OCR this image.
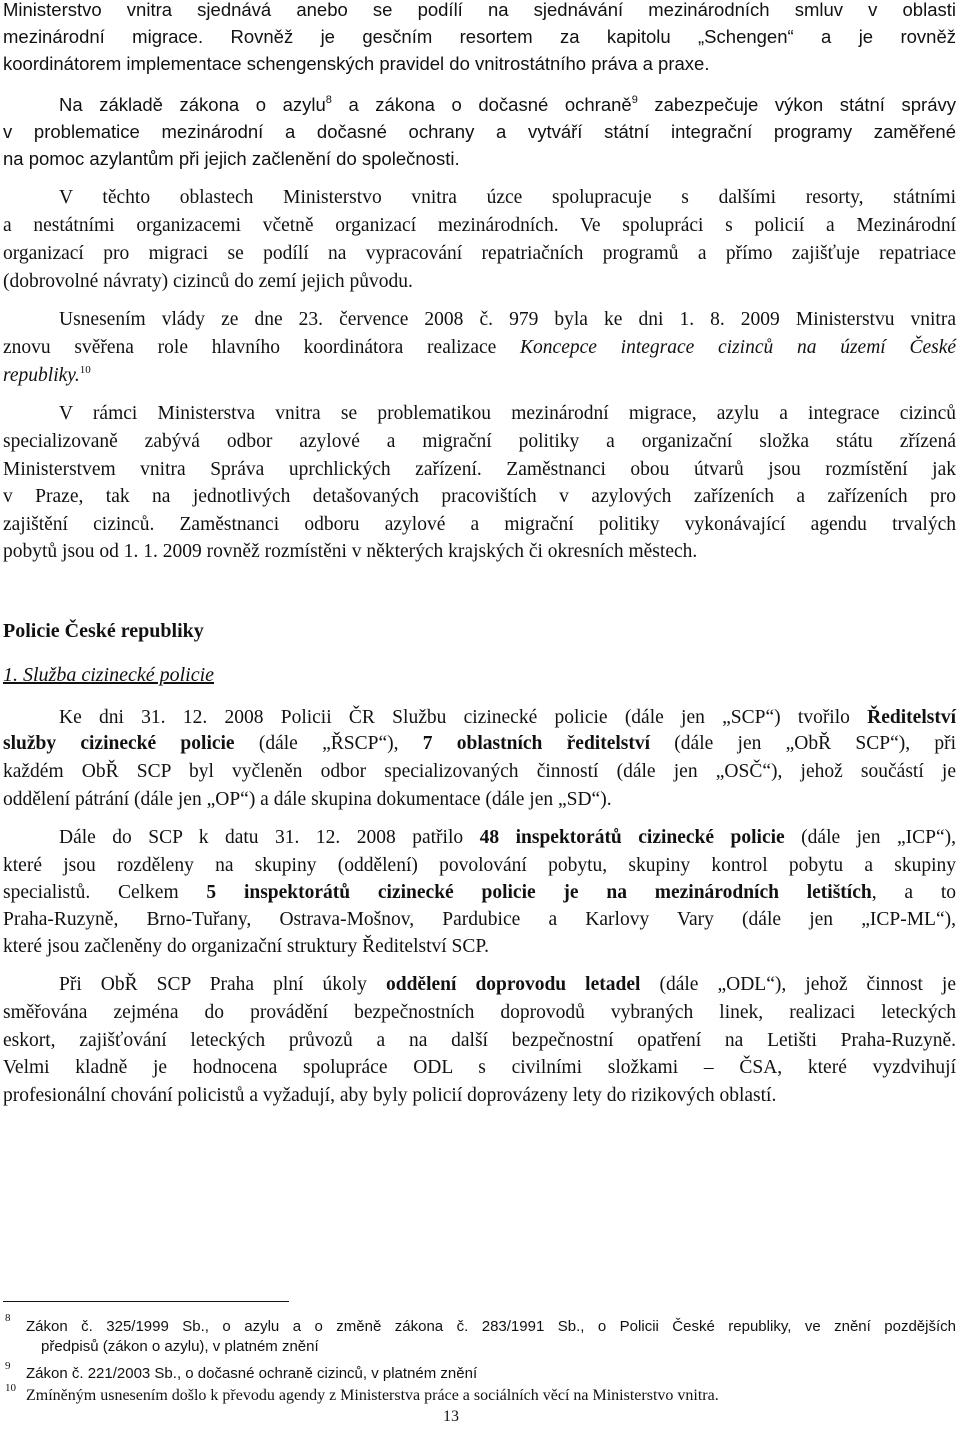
Ministerstvo vnitra sjednává anebo se podílí na sjednávání mezinárodních smluv v oblasti
mezinárodní migrace. Rovněž je gesčním resortem za kapitolu „Schengen“ a je rovněž
koordinátorem implementace schengenských pravidel do vnitrostátního práva a praxe.
Na základě zákona o azylu$^8$ a zákona o dočasné ochraně$^9$ zabezpečuje výkon státní správy
v problematice mezinárodní a dočasné ochrany a vytváří státní integrační programy zaměřené
na pomoc azylantům při jejich začlenění do společnosti.
V těchto oblastech Ministerstvo vnitra úzce spolupracuje s dalšími resorty, státními
a nestátními organizacemi včetně organizací mezinárodních. Ve spolupráci s policií a Mezinárodní
organizací pro migraci se podílí na vypracování repatriačních programů a přímo zajišťuje repatriace
(dobrovolné návraty) cizinců do zemí jejich původu.
Usnesením vlády ze dne 23. července 2008 č. 979 byla ke dni 1. 8. 2009 Ministerstvu vnitra
znovu svěřena role hlavního koordinátora realizace Koncepce integrace cizinců na území České
republiky.$^{10}$
V rámci Ministerstva vnitra se problematikou mezinárodní migrace, azylu a integrace cizinců
specializovaně zabývá odbor azylové a migrační politiky a organizační složka státu zřízená
Ministerstvem vnitra Správa uprchlických zařízení. Zaměstnanci obou útvarů jsou rozmístění jak
v Praze, tak na jednotlivých detašovaných pracovištích v azylových zařízeních a zařízeních pro
zajištění cizinců. Zaměstnanci odboru azylové a migrační politiky vykonávající agendu trvalých
pobytů jsou od 1. 1. 2009 rovněž rozmístěni v některých krajských či okresních městech.
Policie České republiky
1. Služba cizinecké policie
Ke dni 31. 12. 2008 Policii ČR Službu cizinecké policie (dále jen „SCP“) tvořilo Ředitelství
služby cizinecké policie (dále „ŘSCP“), 7 oblastních ředitelství (dále jen „ObŘ SCP“), při
každém ObŘ SCP byl vyčleněn odbor specializovaných činností (dále jen „OSČ“), jehož součástí je
oddělení pátrání (dále jen „OP“) a dále skupina dokumentace (dále jen „SD“).
Dále do SCP k datu 31. 12. 2008 patřilo 48 inspektorátů cizinecké policie (dále jen „ICP“),
které jsou rozděleny na skupiny (oddělení) povolování pobytu, skupiny kontrol pobytu a skupiny
specialistů. Celkem 5 inspektorátů cizinecké policie je na mezinárodních letištích, a to
Praha-Ruzyně, Brno-Tuřany, Ostrava-Mošnov, Pardubice a Karlovy Vary (dále jen „ICP-ML“),
které jsou začleněny do organizační struktury Ředitelství SCP.
Při ObŘ SCP Praha plní úkoly oddělení doprovodu letadel (dále „ODL“), jehož činnost je
směřována zejména do provádění bezpečnostních doprovodů vybraných linek, realizaci leteckých
eskort, zajišťování leteckých průvozů a na další bezpečnostní opatření na Letišti Praha-Ruzyně.
Velmi kladně je hodnocena spolupráce ODL s civilními složkami – ČSA, které vyzdvihují
profesionální chování policistů a vyžadují, aby byly policií doprovázeny lety do rizikových oblastí.
8 Zákon č. 325/1999 Sb., o azylu a o změně zákona č. 283/1991 Sb., o Policii České republiky, ve znění pozdějších
předpisů (zákon o azylu), v platném znění
9 Zákon č. 221/2003 Sb., o dočasné ochraně cizinců, v platném znění
10 Zmíněným usnesením došlo k převodu agendy z Ministerstva práce a sociálních věcí na Ministerstvo vnitra.
13
